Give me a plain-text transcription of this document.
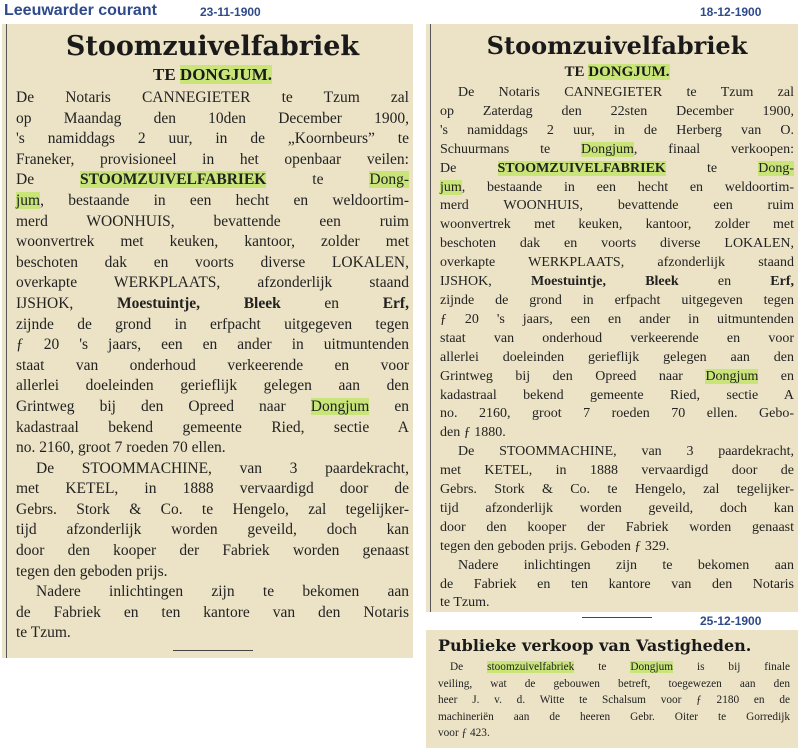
Leeuwarder courant	23-11-1900	18-12-1900
25-12-1900
Stoomzuivelfabriek
TE DONGJUM.
De Notaris CANNEGIETER te Tzum zal
op Maandag den 10den December 1900,
's namiddags 2 uur, in de „Koornbeurs” te
Franeker, provisioneel in het openbaar veilen:
De STOOMZUIVELFABRIEK te Dong-
jum, bestaande in een hecht en weldoortim-
merd WOONHUIS, bevattende een ruim
woonvertrek met keuken, kantoor, zolder met
beschoten dak en voorts diverse LOKALEN,
overkapte WERKPLAATS, afzonderlijk staand
IJSHOK, Moestuintje, Bleek en Erf,
zijnde de grond in erfpacht uitgegeven tegen
ƒ 20 's jaars, een en ander in uitmuntenden
staat van onderhoud verkeerende en voor
allerlei doeleinden gerieflijk gelegen aan den
Grintweg bij den Opreed naar Dongjum en
kadastraal bekend gemeente Ried, sectie A
no. 2160, groot 7 roeden 70 ellen.
De STOOMMACHINE, van 3 paardekracht,
met KETEL, in 1888 vervaardigd door de
Gebrs. Stork & Co. te Hengelo, zal tegelijker-
tijd afzonderlijk worden geveild, doch kan
door den kooper der Fabriek worden genaast
tegen den geboden prijs.
Nadere inlichtingen zijn te bekomen aan
de Fabriek en ten kantore van den Notaris
te Tzum.
Stoomzuivelfabriek
TE DONGJUM.
De Notaris CANNEGIETER te Tzum zal
op Zaterdag den 22sten December 1900,
's namiddags 2 uur, in de Herberg van O.
Schuurmans te Dongjum, finaal verkoopen:
De STOOMZUIVELFABRIEK te Dong-
jum, bestaande in een hecht en weldoortim-
merd WOONHUIS, bevattende een ruim
woonvertrek met keuken, kantoor, zolder met
beschoten dak en voorts diverse LOKALEN,
overkapte WERKPLAATS, afzonderlijk staand
IJSHOK, Moestuintje, Bleek en Erf,
zijnde de grond in erfpacht uitgegeven tegen
ƒ 20 's jaars, een en ander in uitmuntenden
staat van onderhoud verkeerende en voor
allerlei doeleinden gerieflijk gelegen aan den
Grintweg bij den Opreed naar Dongjum en
kadastraal bekend gemeente Ried, sectie A
no. 2160, groot 7 roeden 70 ellen. Gebo-
den ƒ 1880.
De STOOMMACHINE, van 3 paardekracht,
met KETEL, in 1888 vervaardigd door de
Gebrs. Stork & Co. te Hengelo, zal tegelijker-
tijd afzonderlijk worden geveild, doch kan
door den kooper der Fabriek worden genaast
tegen den geboden prijs. Geboden ƒ 329.
Nadere inlichtingen zijn te bekomen aan
de Fabriek en ten kantore van den Notaris
te Tzum.
Publieke verkoop van Vastigheden.
De stoomzuivelfabriek te Dongjum is bij finale
veiling, wat de gebouwen betreft, toegewezen aan den
heer J. v. d. Witte te Schalsum voor ƒ 2180 en de
machineriën aan de heeren Gebr. Oiter te Gorredijk
voor ƒ 423.
